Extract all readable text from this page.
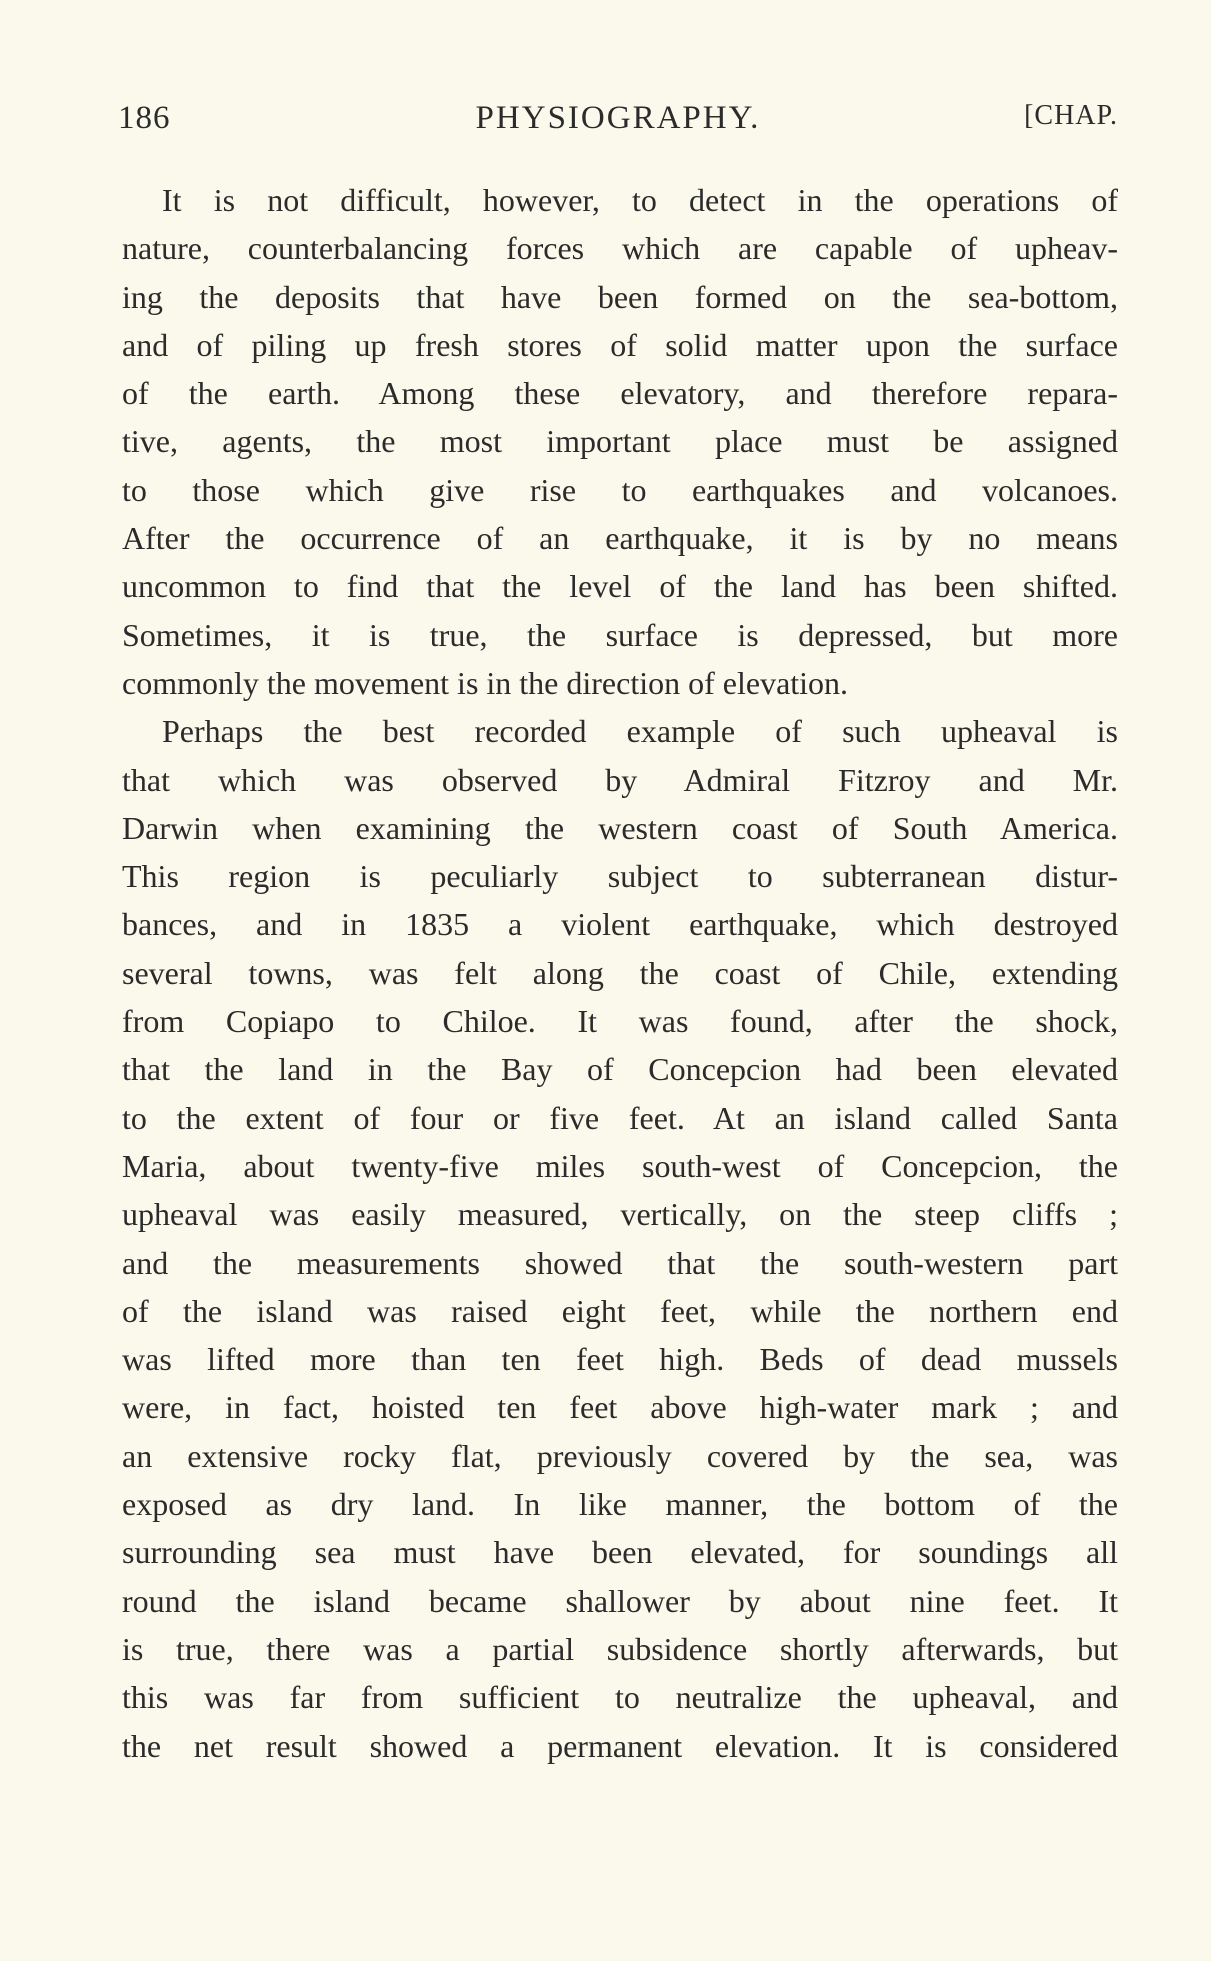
186	PHYSIOGRAPHY.	[CHAP.
It is not difficult, however, to detect in the operations of
nature, counterbalancing forces which are capable of upheav-
ing the deposits that have been formed on the sea-bottom,
and of piling up fresh stores of solid matter upon the surface
of the earth. Among these elevatory, and therefore repara-
tive, agents, the most important place must be assigned
to those which give rise to earthquakes and volcanoes.
After the occurrence of an earthquake, it is by no means
uncommon to find that the level of the land has been shifted.
Sometimes, it is true, the surface is depressed, but more
commonly the movement is in the direction of elevation.
Perhaps the best recorded example of such upheaval is
that which was observed by Admiral Fitzroy and Mr.
Darwin when examining the western coast of South America.
This region is peculiarly subject to subterranean distur-
bances, and in 1835 a violent earthquake, which destroyed
several towns, was felt along the coast of Chile, extending
from Copiapo to Chiloe. It was found, after the shock,
that the land in the Bay of Concepcion had been elevated
to the extent of four or five feet. At an island called Santa
Maria, about twenty-five miles south-west of Concepcion, the
upheaval was easily measured, vertically, on the steep cliffs ;
and the measurements showed that the south-western part
of the island was raised eight feet, while the northern end
was lifted more than ten feet high. Beds of dead mussels
were, in fact, hoisted ten feet above high-water mark ; and
an extensive rocky flat, previously covered by the sea, was
exposed as dry land. In like manner, the bottom of the
surrounding sea must have been elevated, for soundings all
round the island became shallower by about nine feet. It
is true, there was a partial subsidence shortly afterwards, but
this was far from sufficient to neutralize the upheaval, and
the net result showed a permanent elevation. It is considered
